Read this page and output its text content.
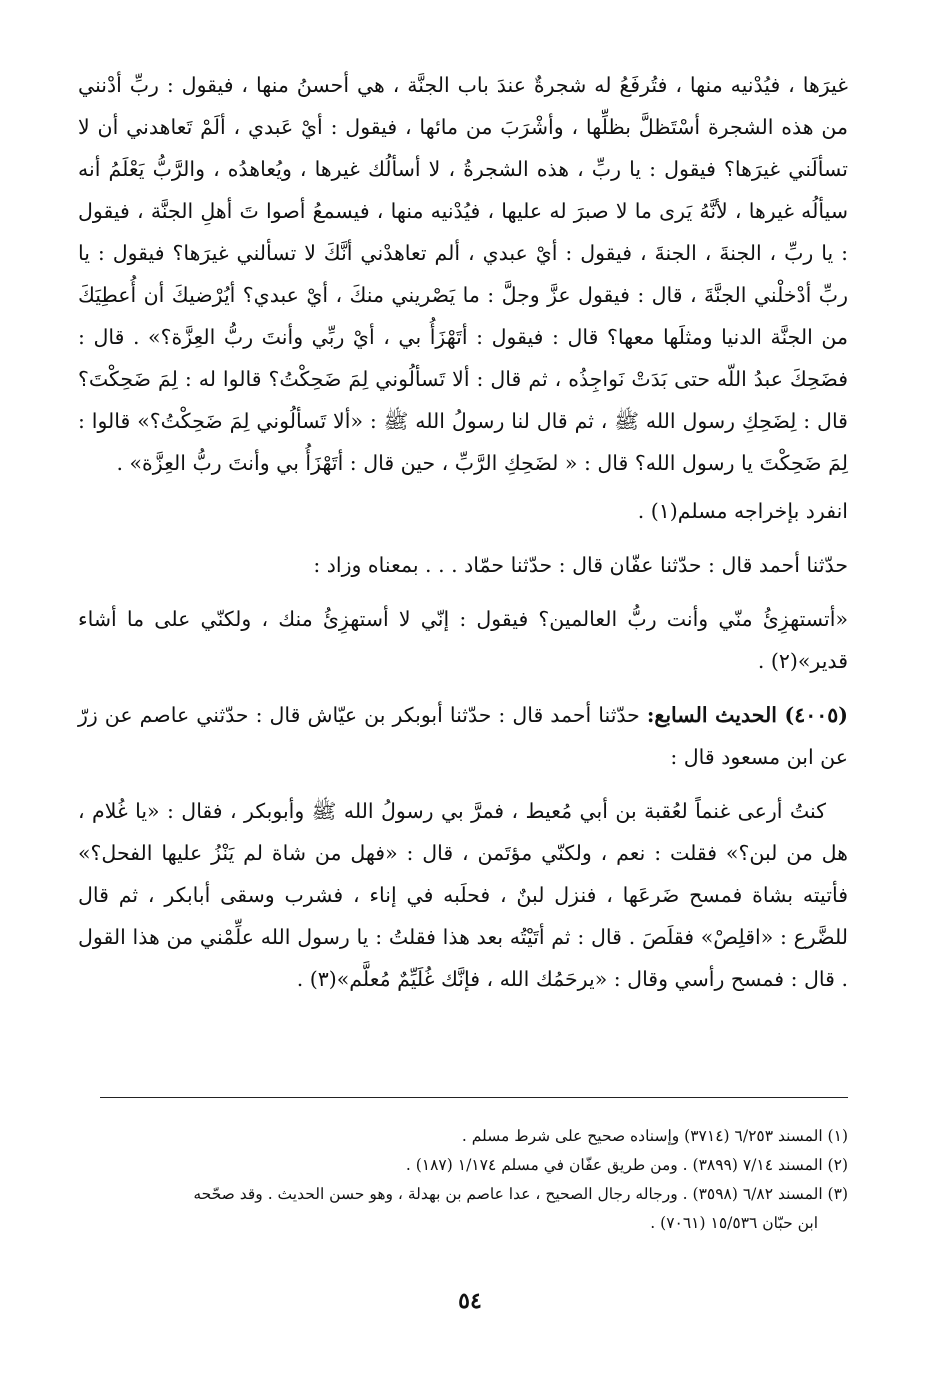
غيرَها ، فيُدْنيه منها ، فتُرفَعُ له شجرةٌ عندَ باب الجنَّة ، هي أحسنُ منها ، فيقول : ربِّ أدْنني من هذه الشجرة أسْتَظلَّ بظلِّها ، وأشْرَبَ من مائها ، فيقول : أيْ عَبدي ، ألَمْ تَعاهدني أن لا تسألَني غيرَها؟ فيقول : يا ربِّ ، هذه الشجرةُ ، لا أسألُك غيرها ، ويُعاهدُه ، والرَّبُّ يَعْلَمُ أنه سيألُه غيرها ، لأنَّهُ يَرى ما لا صبرَ له عليها ، فيُدْنيه منها ، فيسمعُ أصوا تَ أهلِ الجنَّة ، فيقول : يا ربِّ ، الجنةَ ، الجنةَ ، فيقول : أيْ عبدي ، ألم تعاهدْني أنَّكَ لا تسألني غيرَها؟ فيقول : يا ربِّ أدْخلْني الجنَّةَ ، قال : فيقول عزَّ وجلَّ : ما يَصْريني منكَ ، أيْ عبدي؟ أيُرْضيكَ أن أُعطِيَكَ من الجنَّة الدنيا ومثلَها معها؟ قال : فيقول : أتَهْزَأُ بي ، أيْ ربِّي وأنتَ ربُّ العِزَّة؟» . قال : فضَحِكَ عبدُ اللّه حتى بَدَتْ نَواجِذُه ، ثم قال : ألا تَسألُوني لِمَ ضَحِكْتُ؟ قالوا له : لِمَ ضَحِكْتَ؟ قال : لِضَحِكِ رسول الله ﷺ ، ثم قال لنا رسولُ الله ﷺ : «ألا تَسألُوني لِمَ ضَحِكْتُ؟» قالوا : لِمَ ضَحِكْتَ يا رسول الله؟ قال : « لضَحِكِ الرَّبِّ ، حين قال : أتَهْزَأُ بي وأنتَ ربُّ العِزَّة» .

انفرد بإخراجه مسلم(١) .

حدّثنا أحمد قال : حدّثنا عفّان قال : حدّثنا حمّاد . . . بمعناه وزاد :

«أتستهزِئُ منّي وأنت ربُّ العالمين؟ فيقول : إنّي لا أستهزِئُ منك ، ولكنّي على ما أشاء قدير»(٢) .

(٤٠٠٥) الحديث السابع: حدّثنا أحمد قال : حدّثنا أبوبكر بن عيّاش قال : حدّثني عاصم عن زرّ عن ابن مسعود قال :

كنتُ أرعى غنماً لعُقبة بن أبي مُعيط ، فمرَّ بي رسولُ الله ﷺ وأبوبكر ، فقال : «يا غُلام ، هل من لبن؟» فقلت : نعم ، ولكنّي مؤتَمن ، قال : «فهل من شاة لم يَنْزُ عليها الفحل؟» فأتيته بشاة فمسح ضَرعَها ، فنزل لبنٌ ، فحلَبه في إناء ، فشرب وسقى أبابكر ، ثم قال للضَّرع : «اقلِصْ» فقلَصَ . قال : ثم أتَيْتُه بعد هذا فقلتُ : يا رسول الله علِّمْني من هذا القول . قال : فمسح رأسي وقال : «يرحَمُك الله ، فإنَّك غُلَيِّمٌ مُعلَّم»(٣) .

(١) المسند ٦/٢٥٣ (٣٧١٤) وإسناده صحيح على شرط مسلم .

(٢) المسند ٧/١٤ (٣٨٩٩) . ومن طريق عفّان في مسلم ١/١٧٤ (١٨٧) .

(٣) المسند ٦/٨٢ (٣٥٩٨) . ورجاله رجال الصحيح ، عدا عاصم بن بهدلة ، وهو حسن الحديث . وقد صحّحه

ابن حبّان ١٥/٥٣٦ (٧٠٦١) .

٥٤
